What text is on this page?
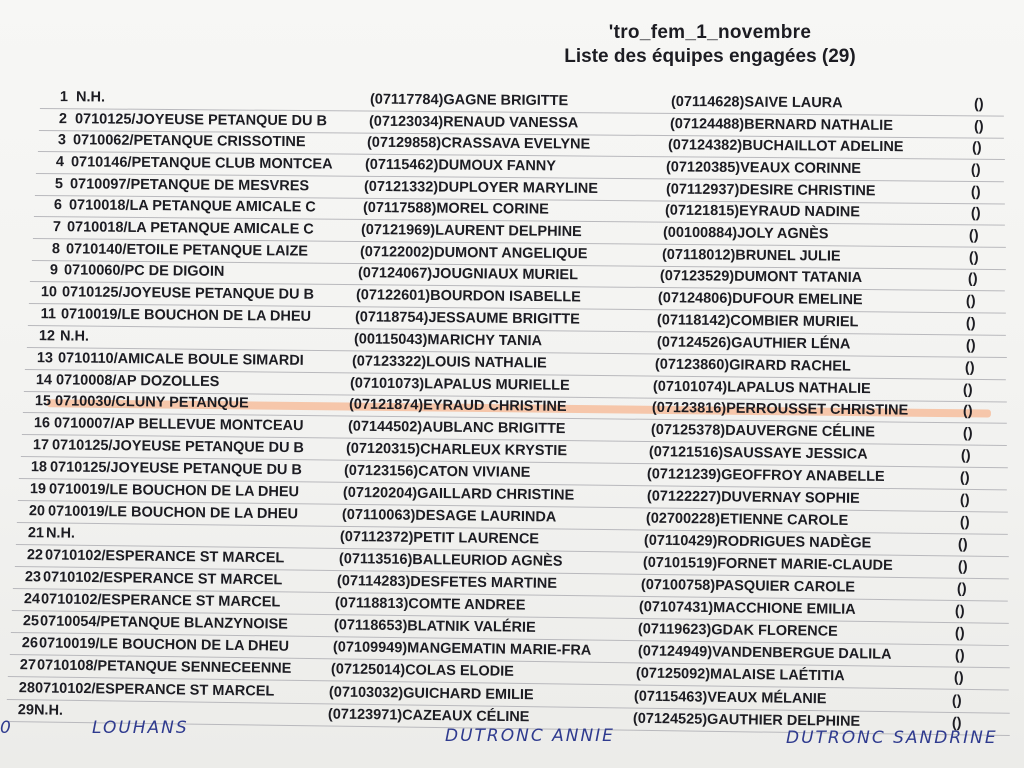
'tro_fem_1_novembre
Liste des équipes engagées (29)
1 N.H.	(07117784)GAGNE BRIGITTE	(07114628)SAIVE LAURA	()
2 0710125/JOYEUSE PETANQUE DU B	(07123034)RENAUD VANESSA	(07124488)BERNARD NATHALIE	()
3 0710062/PETANQUE CRISSOTINE	(07129858)CRASSAVA EVELYNE	(07124382)BUCHAILLOT ADELINE	()
4 0710146/PETANQUE CLUB MONTCEA (07115462)DUMOUX FANNY	(07120385)VEAUX CORINNE	()
5 0710097/PETANQUE DE MESVRES	(07121332)DUPLOYER MARYLINE	(07112937)DESIRE CHRISTINE	()
6 0710018/LA PETANQUE AMICALE C	(07117588)MOREL CORINE	(07121815)EYRAUD NADINE	()
7 0710018/LA PETANQUE AMICALE C	(07121969)LAURENT DELPHINE	(00100884)JOLY AGNÈS	()
8 0710140/ETOILE PETANQUE LAIZE	(07122002)DUMONT ANGELIQUE	(07118012)BRUNEL JULIE	()
9 0710060/PC DE DIGOIN	(07124067)JOUGNIAUX MURIEL	(07123529)DUMONT TATANIA	()
10 0710125/JOYEUSE PETANQUE DU B	(07122601)BOURDON ISABELLE	(07124806)DUFOUR EMELINE	()
11 0710019/LE BOUCHON DE LA DHEU	(07118754)JESSAUME BRIGITTE	(07118142)COMBIER MURIEL	()
12 N.H.	(00115043)MARICHY TANIA	(07124526)GAUTHIER LÉNA	()
13 0710110/AMICALE BOULE SIMARDI	(07123322)LOUIS NATHALIE	(07123860)GIRARD RACHEL	()
14 0710008/AP DOZOLLES	(07101073)LAPALUS MURIELLE	(07101074)LAPALUS NATHALIE	()
15 0710030/CLUNY PETANQUE	(07121874)EYRAUD CHRISTINE	(07123816)PERROUSSET CHRISTINE	()
16 0710007/AP BELLEVUE MONTCEAU	(07144502)AUBLANC BRIGITTE	(07125378)DAUVERGNE CÉLINE	()
17 0710125/JOYEUSE PETANQUE DU B	(07120315)CHARLEUX KRYSTIE	(07121516)SAUSSAYE JESSICA	()
18 0710125/JOYEUSE PETANQUE DU B	(07123156)CATON VIVIANE	(07121239)GEOFFROY ANABELLE	()
19 0710019/LE BOUCHON DE LA DHEU	(07120204)GAILLARD CHRISTINE	(07122227)DUVERNAY SOPHIE	()
20 0710019/LE BOUCHON DE LA DHEU	(07110063)DESAGE LAURINDA	(02700228)ETIENNE CAROLE	()
21 N.H.	(07112372)PETIT LAURENCE	(07110429)RODRIGUES NADÈGE	()
22 0710102/ESPERANCE ST MARCEL	(07113516)BALLEURIOD AGNÈS	(07101519)FORNET MARIE-CLAUDE	()
23 0710102/ESPERANCE ST MARCEL	(07114283)DESFETES MARTINE	(07100758)PASQUIER CAROLE	()
24 0710102/ESPERANCE ST MARCEL	(07118813)COMTE ANDREE	(07107431)MACCHIONE EMILIA	()
25 0710054/PETANQUE BLANZYNOISE	(07118653)BLATNIK VALÉRIE	(07119623)GDAK FLORENCE	()
26 0710019/LE BOUCHON DE LA DHEU	(07109949)MANGEMATIN MARIE-FRA	(07124949)VANDENBERGUE DALILA	()
27 0710108/PETANQUE SENNECEENNE	(07125014)COLAS ELODIE	(07125092)MALAISE LAÉTITIA	()
28 0710102/ESPERANCE ST MARCEL	(07103032)GUICHARD EMILIE	(07115463)VEAUX MÉLANIE	()
29 N.H.	(07123971)CAZEAUX CÉLINE	(07124525)GAUTHIER DELPHINE	()
0	LOUHANS	DUTRONC ANNIE	DUTRONC SANDRINE
